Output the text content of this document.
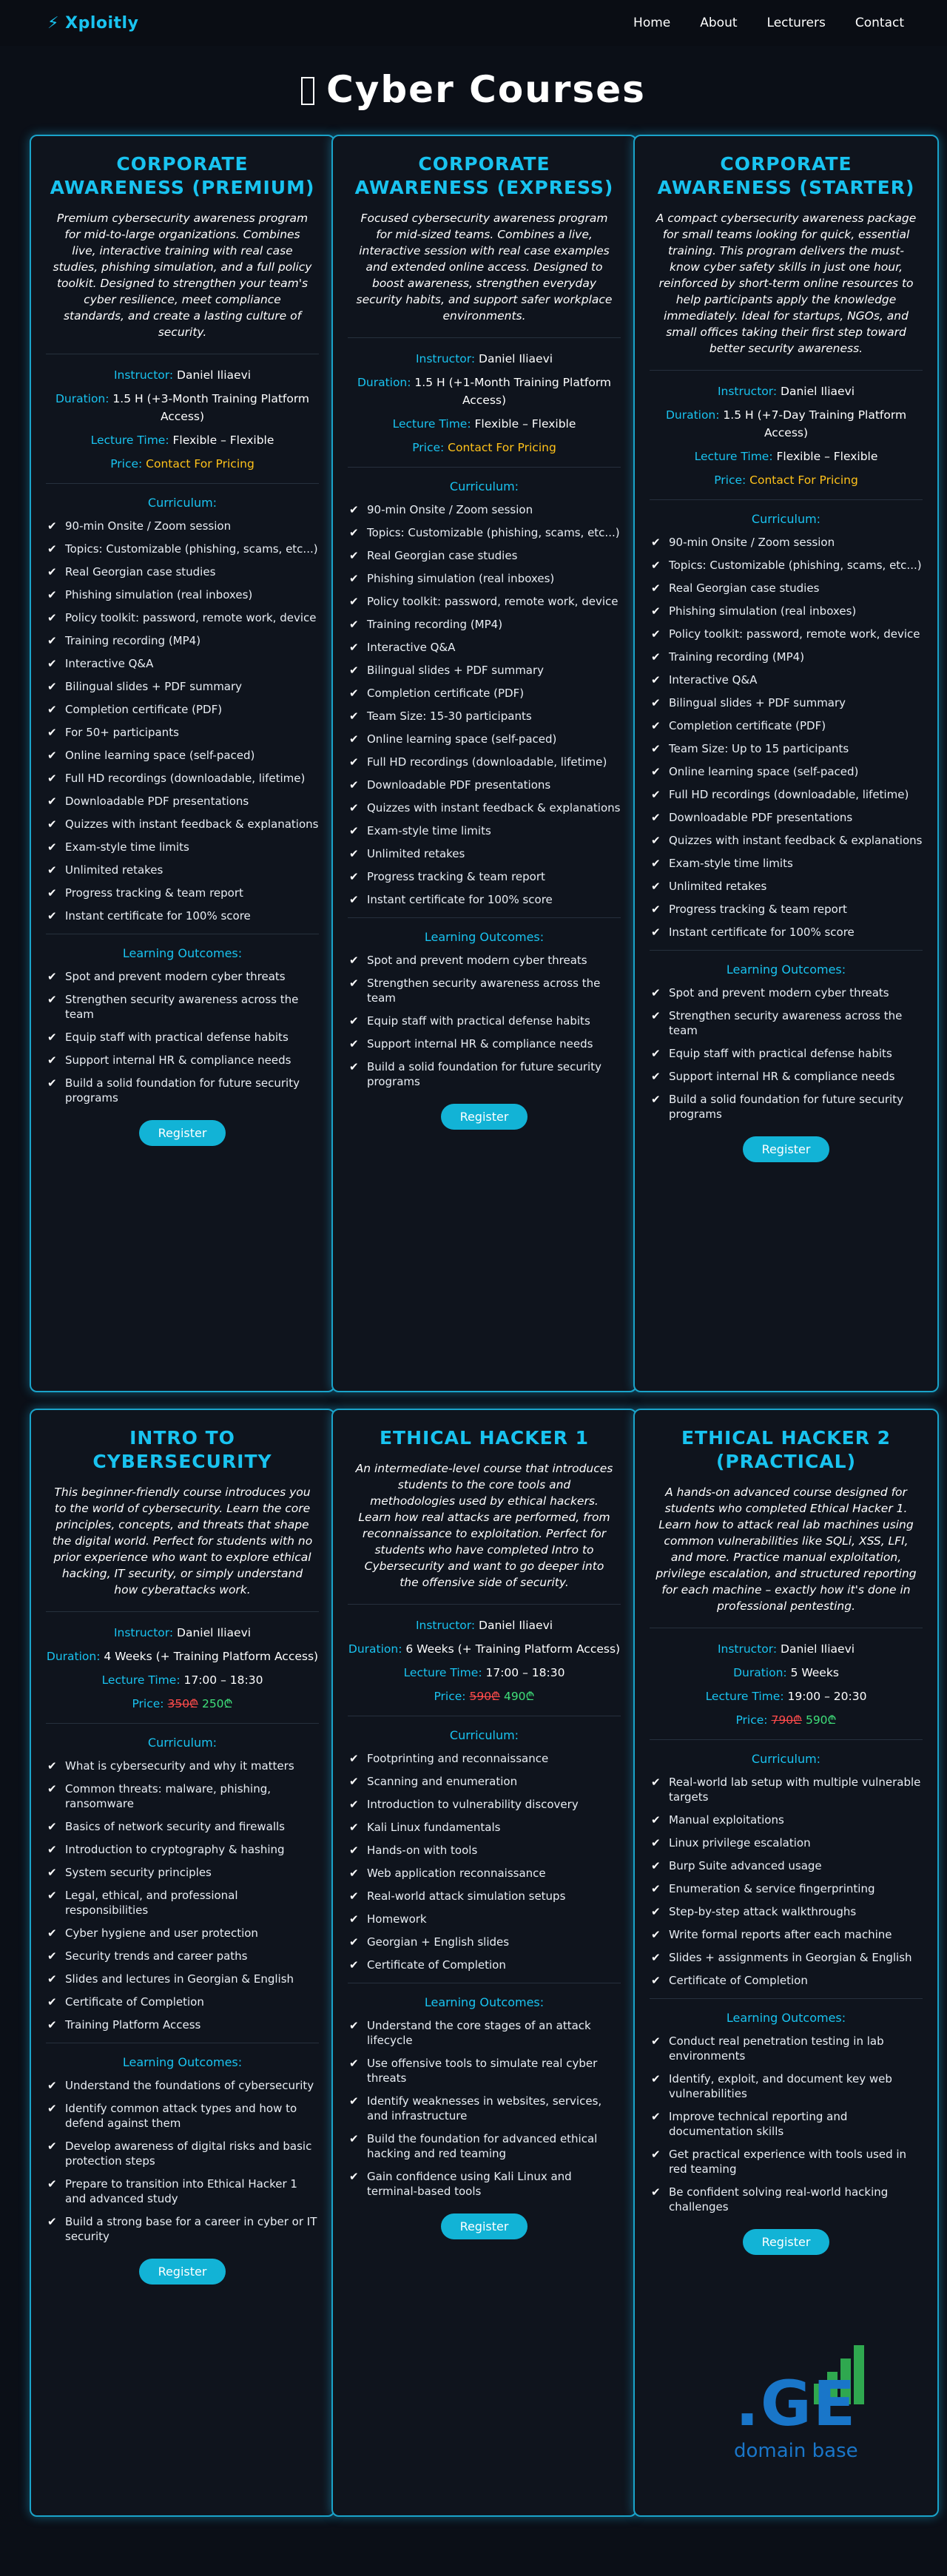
⚡ Xploitly	Home About Lecturers Contact
Cyber Courses
CORPORATE AWARENESS (PREMIUM)

Premium cybersecurity awareness program for mid-to-large organizations. Combines live, interactive training with real case studies, phishing simulation, and a full policy toolkit. Designed to strengthen your team's cyber resilience, meet compliance standards, and create a lasting culture of security.

Instructor: Daniel Iliaevi
Duration: 1.5 H (+3-Month Training Platform Access)
Lecture Time: Flexible – Flexible
Price: Contact For Pricing
Curriculum:
✔ 90-min Onsite / Zoom session
✔ Topics: Customizable (phishing, scams, etc...)
✔ Real Georgian case studies
✔ Phishing simulation (real inboxes)
✔ Policy toolkit: password, remote work, device
✔ Training recording (MP4)
✔ Interactive Q&A
✔ Bilingual slides + PDF summary
✔ Completion certificate (PDF)
✔ For 50+ participants
✔ Online learning space (self-paced)
✔ Full HD recordings (downloadable, lifetime)
✔ Downloadable PDF presentations
✔ Quizzes with instant feedback & explanations
✔ Exam-style time limits
✔ Unlimited retakes
✔ Progress tracking & team report
✔ Instant certificate for 100% score
Learning Outcomes:
✔ Spot and prevent modern cyber threats
✔ Strengthen security awareness across the team
✔ Equip staff with practical defense habits
✔ Support internal HR & compliance needs
✔ Build a solid foundation for future security programs
Register
CORPORATE AWARENESS (EXPRESS)

Focused cybersecurity awareness program for mid-sized teams. Combines a live, interactive session with real case examples and extended online access. Designed to boost awareness, strengthen everyday security habits, and support safer workplace environments.

Instructor: Daniel Iliaevi
Duration: 1.5 H (+1-Month Training Platform Access)
Lecture Time: Flexible – Flexible
Price: Contact For Pricing
Curriculum:
✔ 90-min Onsite / Zoom session
✔ Topics: Customizable (phishing, scams, etc...)
✔ Real Georgian case studies
✔ Phishing simulation (real inboxes)
✔ Policy toolkit: password, remote work, device
✔ Training recording (MP4)
✔ Interactive Q&A
✔ Bilingual slides + PDF summary
✔ Completion certificate (PDF)
✔ Team Size: 15-30 participants
✔ Online learning space (self-paced)
✔ Full HD recordings (downloadable, lifetime)
✔ Downloadable PDF presentations
✔ Quizzes with instant feedback & explanations
✔ Exam-style time limits
✔ Unlimited retakes
✔ Progress tracking & team report
✔ Instant certificate for 100% score
Learning Outcomes:
✔ Spot and prevent modern cyber threats
✔ Strengthen security awareness across the team
✔ Equip staff with practical defense habits
✔ Support internal HR & compliance needs
✔ Build a solid foundation for future security programs
Register
CORPORATE AWARENESS (STARTER)

A compact cybersecurity awareness package for small teams looking for quick, essential training. This program delivers the must-know cyber safety skills in just one hour, reinforced by short-term online resources to help participants apply the knowledge immediately. Ideal for startups, NGOs, and small offices taking their first step toward better security awareness.

Instructor: Daniel Iliaevi
Duration: 1.5 H (+7-Day Training Platform Access)
Lecture Time: Flexible – Flexible
Price: Contact For Pricing
Curriculum:
✔ 90-min Onsite / Zoom session
✔ Topics: Customizable (phishing, scams, etc...)
✔ Real Georgian case studies
✔ Phishing simulation (real inboxes)
✔ Policy toolkit: password, remote work, device
✔ Training recording (MP4)
✔ Interactive Q&A
✔ Bilingual slides + PDF summary
✔ Completion certificate (PDF)
✔ Team Size: Up to 15 participants
✔ Online learning space (self-paced)
✔ Full HD recordings (downloadable, lifetime)
✔ Downloadable PDF presentations
✔ Quizzes with instant feedback & explanations
✔ Exam-style time limits
✔ Unlimited retakes
✔ Progress tracking & team report
✔ Instant certificate for 100% score
Learning Outcomes:
✔ Spot and prevent modern cyber threats
✔ Strengthen security awareness across the team
✔ Equip staff with practical defense habits
✔ Support internal HR & compliance needs
✔ Build a solid foundation for future security programs
Register
INTRO TO CYBERSECURITY

This beginner-friendly course introduces you to the world of cybersecurity. Learn the core principles, concepts, and threats that shape the digital world. Perfect for students with no prior experience who want to explore ethical hacking, IT security, or simply understand how cyberattacks work.

Instructor: Daniel Iliaevi
Duration: 4 Weeks (+ Training Platform Access)
Lecture Time: 17:00 – 18:30
Price: 350₾ 250₾
Curriculum:
✔ What is cybersecurity and why it matters
✔ Common threats: malware, phishing, ransomware
✔ Basics of network security and firewalls
✔ Introduction to cryptography & hashing
✔ System security principles
✔ Legal, ethical, and professional responsibilities
✔ Cyber hygiene and user protection
✔ Security trends and career paths
✔ Slides and lectures in Georgian & English
✔ Certificate of Completion
✔ Training Platform Access
Learning Outcomes:
✔ Understand the foundations of cybersecurity
✔ Identify common attack types and how to defend against them
✔ Develop awareness of digital risks and basic protection steps
✔ Prepare to transition into Ethical Hacker 1 and advanced study
✔ Build a strong base for a career in cyber or IT security
Register
ETHICAL HACKER 1

An intermediate-level course that introduces students to the core tools and methodologies used by ethical hackers. Learn how real attacks are performed, from reconnaissance to exploitation. Perfect for students who have completed Intro to Cybersecurity and want to go deeper into the offensive side of security.

Instructor: Daniel Iliaevi
Duration: 6 Weeks (+ Training Platform Access)
Lecture Time: 17:00 – 18:30
Price: 590₾ 490₾
Curriculum:
✔ Footprinting and reconnaissance
✔ Scanning and enumeration
✔ Introduction to vulnerability discovery
✔ Kali Linux fundamentals
✔ Hands-on with tools
✔ Web application reconnaissance
✔ Real-world attack simulation setups
✔ Homework
✔ Georgian + English slides
✔ Certificate of Completion
Learning Outcomes:
✔ Understand the core stages of an attack lifecycle
✔ Use offensive tools to simulate real cyber threats
✔ Identify weaknesses in websites, services, and infrastructure
✔ Build the foundation for advanced ethical hacking and red teaming
✔ Gain confidence using Kali Linux and terminal-based tools
Register
ETHICAL HACKER 2 (PRACTICAL)

A hands-on advanced course designed for students who completed Ethical Hacker 1. Learn how to attack real lab machines using common vulnerabilities like SQLi, XSS, LFI, and more. Practice manual exploitation, privilege escalation, and structured reporting for each machine – exactly how it's done in professional pentesting.

Instructor: Daniel Iliaevi
Duration: 5 Weeks
Lecture Time: 19:00 – 20:30
Price: 790₾ 590₾
Curriculum:
✔ Real-world lab setup with multiple vulnerable targets
✔ Manual exploitations
✔ Linux privilege escalation
✔ Burp Suite advanced usage
✔ Enumeration & service fingerprinting
✔ Step-by-step attack walkthroughs
✔ Write formal reports after each machine
✔ Slides + assignments in Georgian & English
✔ Certificate of Completion
Learning Outcomes:
✔ Conduct real penetration testing in lab environments
✔ Identify, exploit, and document key web vulnerabilities
✔ Improve technical reporting and documentation skills
✔ Get practical experience with tools used in red teaming
✔ Be confident solving real-world hacking challenges
Register
.GE
domain base
